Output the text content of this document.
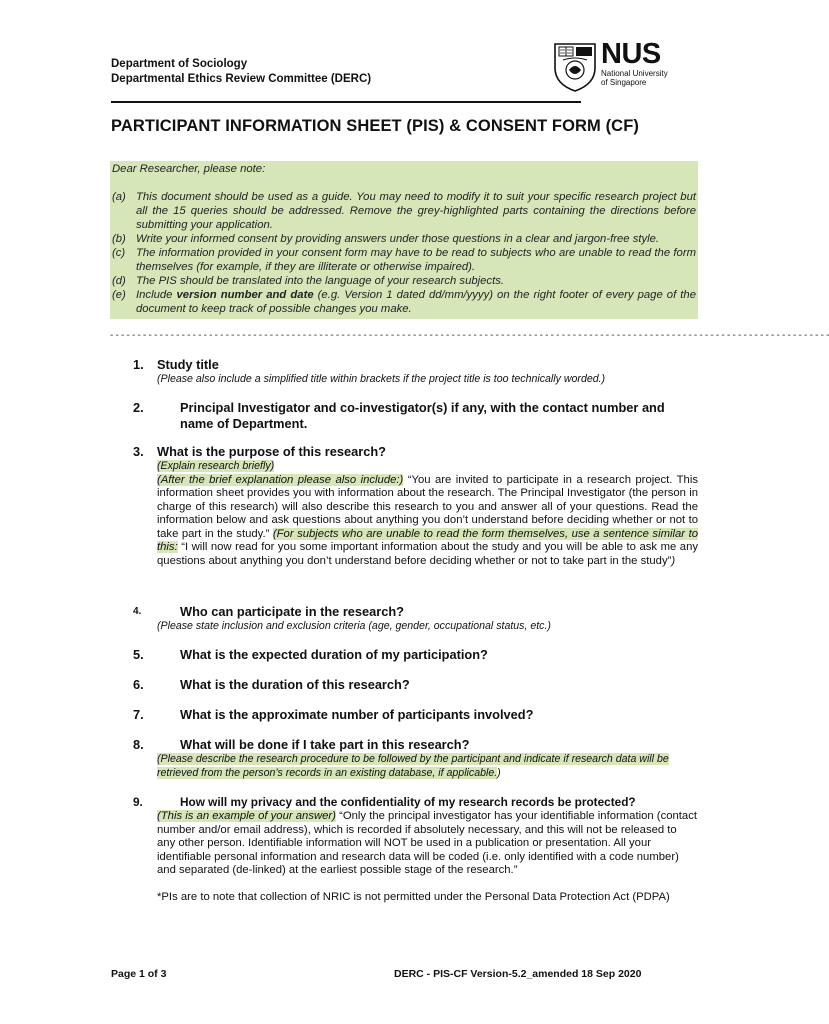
Department of Sociology
Departmental Ethics Review Committee (DERC)
NUS
National University
of Singapore
PARTICIPANT INFORMATION SHEET (PIS) & CONSENT FORM (CF)

Dear Researcher, please note:

(a) This document should be used as a guide. You may need to modify it to suit your specific research project but all the 15 queries should be addressed. Remove the grey-highlighted parts containing the directions before submitting your application.
(b) Write your informed consent by providing answers under those questions in a clear and jargon-free style.
(c) The information provided in your consent form may have to be read to subjects who are unable to read the form themselves (for example, if they are illiterate or otherwise impaired).
(d) The PIS should be translated into the language of your research subjects.
(e) Include version number and date (e.g. Version 1 dated dd/mm/yyyy) on the right footer of every page of the document to keep track of possible changes you make.
- - - - - - - - - - - - - - - - - - - - - - - - - - - - - - - - - - - - - - - - - - - - - - - - - - - - - - - - - - - - - - - - - - - - - - - - - - - - - - - - - - - - - - - - - - - - - - - - - - - - - - - - - - - - - - - - - - - - - - - - - - - - - - - - - - -
1.	Study title
(Please also include a simplified title within brackets if the project title is too technically worded.)
2.	Principal Investigator and co-investigator(s) if any, with the contact number and name of Department.
3.	What is the purpose of this research?
(Explain research briefly)
(After the brief explanation please also include:) “You are invited to participate in a research project. This information sheet provides you with information about the research. The Principal Investigator (the person in charge of this research) will also describe this research to you and answer all of your questions. Read the information below and ask questions about anything you don’t understand before deciding whether or not to take part in the study.” (For subjects who are unable to read the form themselves, use a sentence similar to this: “I will now read for you some important information about the study and you will be able to ask me any questions about anything you don’t understand before deciding whether or not to take part in the study”)
4.	Who can participate in the research?
(Please state inclusion and exclusion criteria (age, gender, occupational status, etc.)
5.	What is the expected duration of my participation?
6.	What is the duration of this research?
7.	What is the approximate number of participants involved?
8.	What will be done if I take part in this research?
(Please describe the research procedure to be followed by the participant and indicate if research data will be retrieved from the person’s records in an existing database, if applicable.)
9.	How will my privacy and the confidentiality of my research records be protected?
(This is an example of your answer) “Only the principal investigator has your identifiable information (contact number and/or email address), which is recorded if absolutely necessary, and this will not be released to any other person. Identifiable information will NOT be used in a publication or presentation. All your identifiable personal information and research data will be coded (i.e. only identified with a code number) and separated (de-linked) at the earliest possible stage of the research.”
*PIs are to note that collection of NRIC is not permitted under the Personal Data Protection Act (PDPA)
Page 1 of 3	DERC - PIS-CF Version-5.2_amended 18 Sep 2020
